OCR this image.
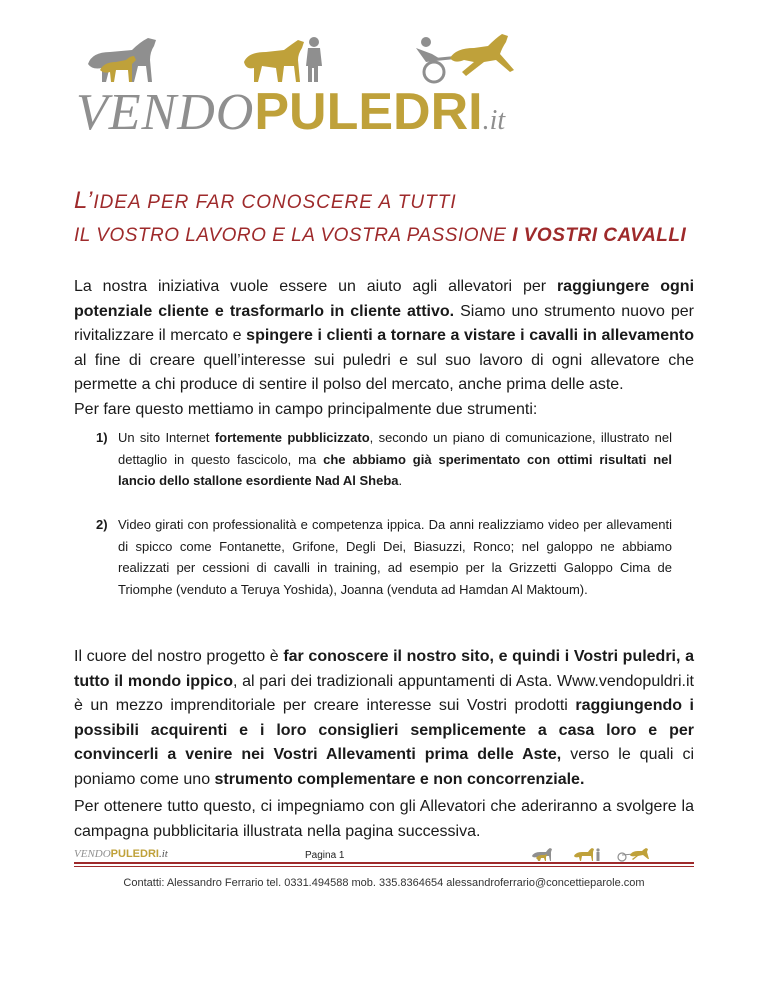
VENDOPULEDRI.it
L’IDEA PER FAR CONOSCERE A TUTTI
IL VOSTRO LAVORO E LA VOSTRA PASSIONE I VOSTRI CAVALLI
La nostra iniziativa vuole essere un aiuto agli allevatori per raggiungere ogni potenziale cliente e trasformarlo in cliente attivo. Siamo uno strumento nuovo per rivitalizzare il mercato e spingere i clienti a tornare a vistare i cavalli in allevamento al fine di creare quell’interesse sui puledri e sul suo lavoro di ogni allevatore che permette a chi produce di sentire il polso del mercato, anche prima delle aste.
Per fare questo mettiamo in campo principalmente due strumenti:
1) Un sito Internet fortemente pubblicizzato, secondo un piano di comunicazione, illustrato nel dettaglio in questo fascicolo, ma che abbiamo già sperimentato con ottimi risultati nel lancio dello stallone esordiente Nad Al Sheba.
2) Video girati con professionalità e competenza ippica. Da anni realizziamo video per allevamenti di spicco come Fontanette, Grifone, Degli Dei, Biasuzzi, Ronco; nel galoppo ne abbiamo realizzati per cessioni di cavalli in training, ad esempio per la Grizzetti Galoppo Cima de Triomphe (venduto a Teruya Yoshida), Joanna (venduta ad Hamdan Al Maktoum).
Il cuore del nostro progetto è far conoscere il nostro sito, e quindi i Vostri puledri, a tutto il mondo ippico, al pari dei tradizionali appuntamenti di Asta. Www.vendopuldri.it è un mezzo imprenditoriale per creare interesse sui Vostri prodotti raggiungendo i possibili acquirenti e i loro consiglieri semplicemente a casa loro e per convincerli a venire nei Vostri Allevamenti prima delle Aste, verso le quali ci poniamo come uno strumento complementare e non concorrenziale.
Per ottenere tutto questo, ci impegniamo con gli Allevatori che aderiranno a svolgere la campagna pubblicitaria illustrata nella pagina successiva.
VENDOPULEDRI.it	Pagina 1
Contatti: Alessandro Ferrario tel. 0331.494588 mob. 335.8364654 alessandroferrario@concettieparole.com
